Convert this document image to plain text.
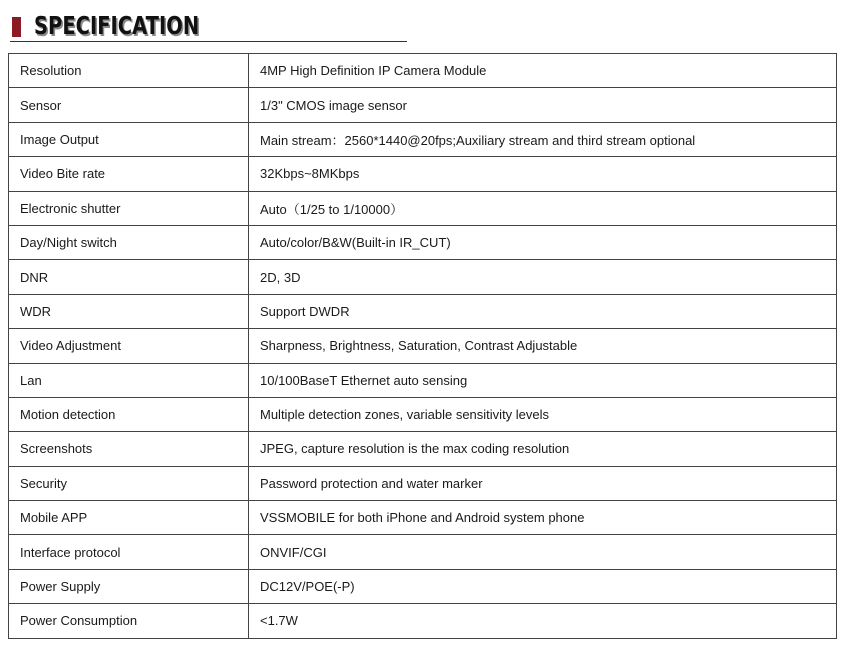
SPECIFICATION
Resolution	4MP High Definition IP Camera Module
Sensor	1/3" CMOS image sensor
Image Output	Main stream：2560*1440@20fps;Auxiliary stream and third stream optional
Video Bite rate	32Kbps~8MKbps
Electronic shutter	Auto（1/25 to 1/10000）
Day/Night switch	Auto/color/B&W(Built-in IR_CUT)
DNR	2D, 3D
WDR	Support DWDR
Video Adjustment	Sharpness, Brightness, Saturation, Contrast Adjustable
Lan	10/100BaseT Ethernet auto sensing
Motion detection	Multiple detection zones, variable sensitivity levels
Screenshots	JPEG, capture resolution is the max coding resolution
Security	Password protection and water marker
Mobile APP	VSSMOBILE for both iPhone and Android system phone
Interface protocol	ONVIF/CGI
Power Supply	DC12V/POE(-P)
Power Consumption	<1.7W
